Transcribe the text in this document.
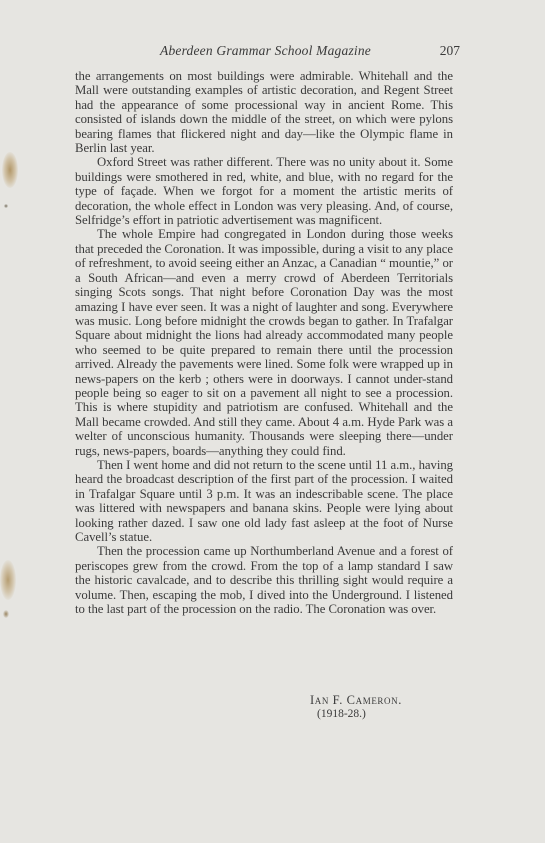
Aberdeen Grammar School Magazine	207

the arrangements on most buildings were admirable. Whitehall and the Mall were outstanding examples of artistic decoration, and Regent Street had the appearance of some processional way in ancient Rome. This consisted of islands down the middle of the street, on which were pylons bearing flames that flickered night and day—like the Olympic flame in Berlin last year.

Oxford Street was rather different. There was no unity about it. Some buildings were smothered in red, white, and blue, with no regard for the type of façade. When we forgot for a moment the artistic merits of decoration, the whole effect in London was very pleasing. And, of course, Selfridge’s effort in patriotic advertisement was magnificent.

The whole Empire had congregated in London during those weeks that preceded the Coronation. It was impossible, during a visit to any place of refreshment, to avoid seeing either an Anzac, a Canadian “ mountie,” or a South African—and even a merry crowd of Aberdeen Territorials singing Scots songs. That night before Coronation Day was the most amazing I have ever seen. It was a night of laughter and song. Everywhere was music. Long before midnight the crowds began to gather. In Trafalgar Square about midnight the lions had already accommodated many people who seemed to be quite prepared to remain there until the procession arrived. Already the pavements were lined. Some folk were wrapped up in news-papers on the kerb ; others were in doorways. I cannot under-stand people being so eager to sit on a pavement all night to see a procession. This is where stupidity and patriotism are confused. Whitehall and the Mall became crowded. And still they came. About 4 a.m. Hyde Park was a welter of unconscious humanity. Thousands were sleeping there—under rugs, news-papers, boards—anything they could find.

Then I went home and did not return to the scene until 11 a.m., having heard the broadcast description of the first part of the procession. I waited in Trafalgar Square until 3 p.m. It was an indescribable scene. The place was littered with newspapers and banana skins. People were lying about looking rather dazed. I saw one old lady fast asleep at the foot of Nurse Cavell’s statue.

Then the procession came up Northumberland Avenue and a forest of periscopes grew from the crowd. From the top of a lamp standard I saw the historic cavalcade, and to describe this thrilling sight would require a volume. Then, escaping the mob, I dived into the Underground. I listened to the last part of the procession on the radio. The Coronation was over.

Ian F. Cameron.
(1918-28.)
